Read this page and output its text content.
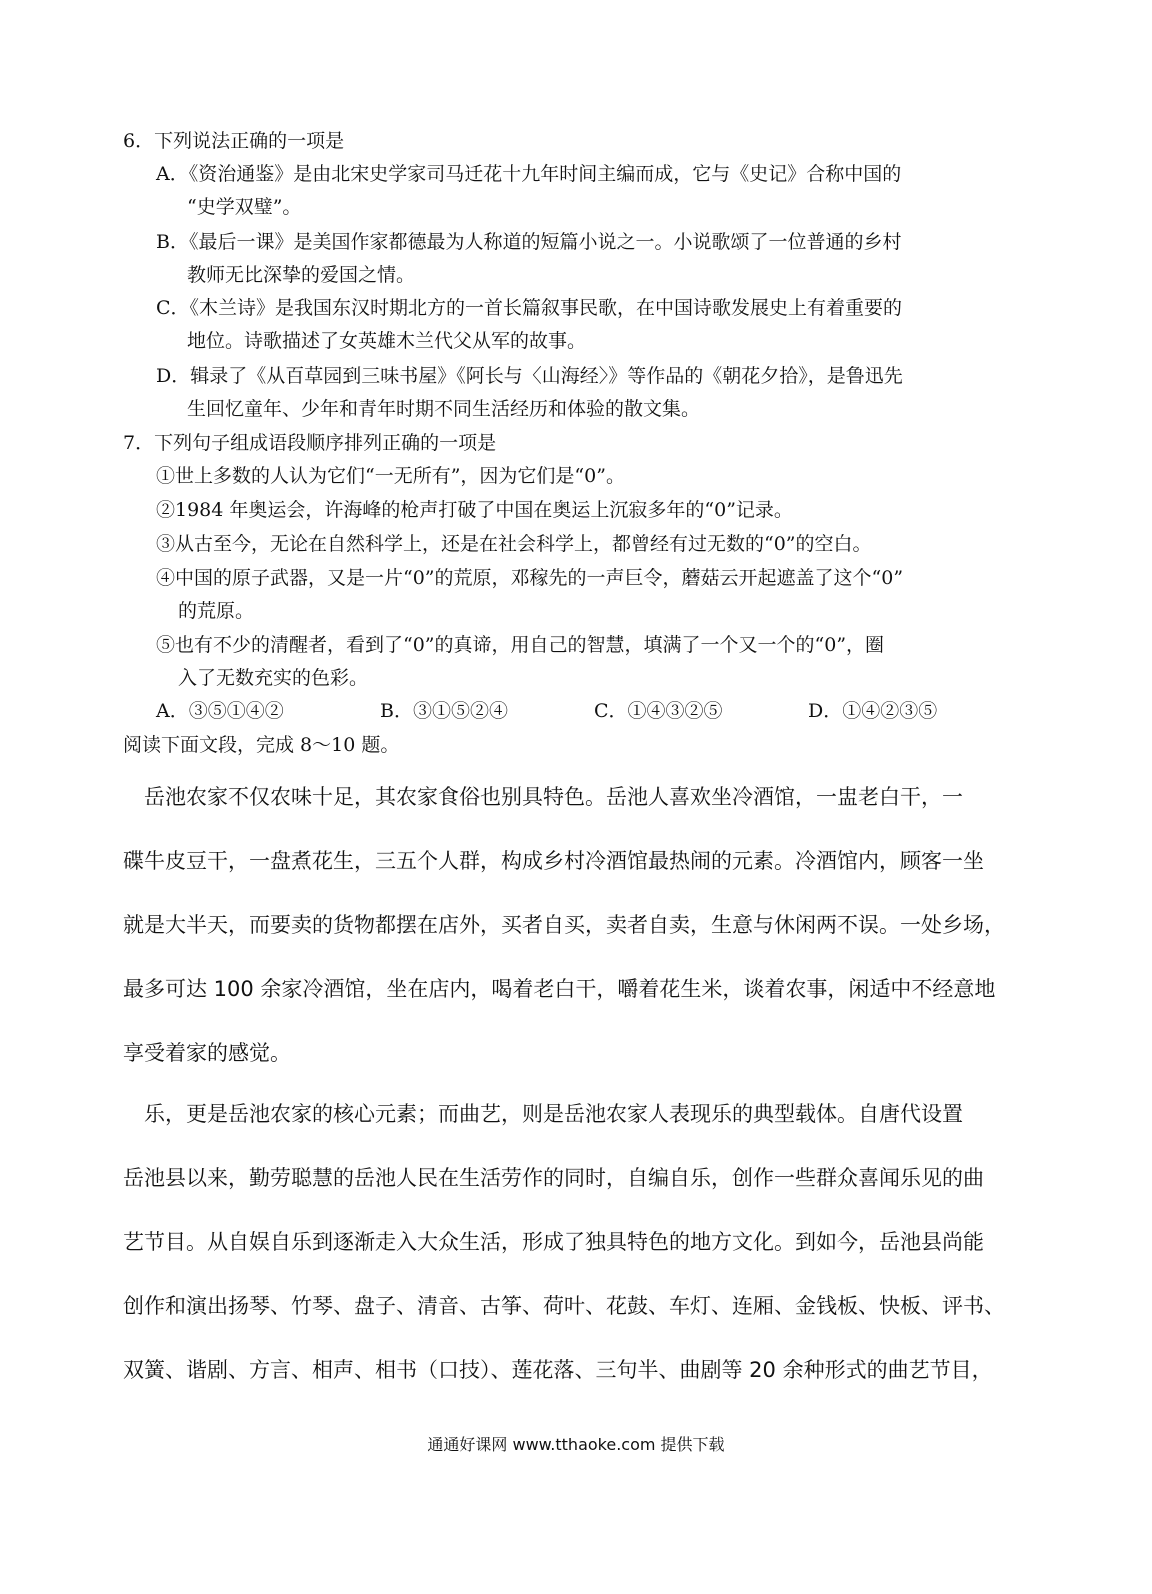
6．下列说法正确的一项是
A．《资治通鉴》是由北宋史学家司马迁花十九年时间主编而成，它与《史记》合称中国的
“史学双璧”。
B．《最后一课》是美国作家都德最为人称道的短篇小说之一。小说歌颂了一位普通的乡村
教师无比深挚的爱国之情。
C．《木兰诗》是我国东汉时期北方的一首长篇叙事民歌，在中国诗歌发展史上有着重要的
地位。诗歌描述了女英雄木兰代父从军的故事。
D．辑录了《从百草园到三味书屋》《阿长与〈山海经〉》等作品的《朝花夕拾》，是鲁迅先
生回忆童年、少年和青年时期不同生活经历和体验的散文集。
7．下列句子组成语段顺序排列正确的一项是
①世上多数的人认为它们“一无所有”，因为它们是“0”。
②1984 年奥运会，许海峰的枪声打破了中国在奥运上沉寂多年的“0”记录。
③从古至今，无论在自然科学上，还是在社会科学上，都曾经有过无数的“0”的空白。
④中国的原子武器，又是一片“0”的荒原，邓稼先的一声巨令，蘑菇云开起遮盖了这个“0”
的荒原。
⑤也有不少的清醒者，看到了“0”的真谛，用自己的智慧，填满了一个又一个的“0”，圈
入了无数充实的色彩。
A．③⑤①④②	B．③①⑤②④	C．①④③②⑤	D．①④②③⑤
阅读下面文段，完成 8～10 题。
　岳池农家不仅农味十足，其农家食俗也别具特色。岳池人喜欢坐冷酒馆，一盅老白干，一
碟牛皮豆干，一盘煮花生，三五个人群，构成乡村冷酒馆最热闹的元素。冷酒馆内，顾客一坐
就是大半天，而要卖的货物都摆在店外，买者自买，卖者自卖，生意与休闲两不误。一处乡场，
最多可达 100 余家冷酒馆，坐在店内，喝着老白干，嚼着花生米，谈着农事，闲适中不经意地
享受着家的感觉。
　乐，更是岳池农家的核心元素；而曲艺，则是岳池农家人表现乐的典型载体。自唐代设置
岳池县以来，勤劳聪慧的岳池人民在生活劳作的同时，自编自乐，创作一些群众喜闻乐见的曲
艺节目。从自娱自乐到逐渐走入大众生活，形成了独具特色的地方文化。到如今，岳池县尚能
创作和演出扬琴、竹琴、盘子、清音、古筝、荷叶、花鼓、车灯、连厢、金钱板、快板、评书、
双簧、谐剧、方言、相声、相书（口技）、莲花落、三句半、曲剧等 20 余种形式的曲艺节目，
通通好课网 www.tthaoke.com 提供下载
